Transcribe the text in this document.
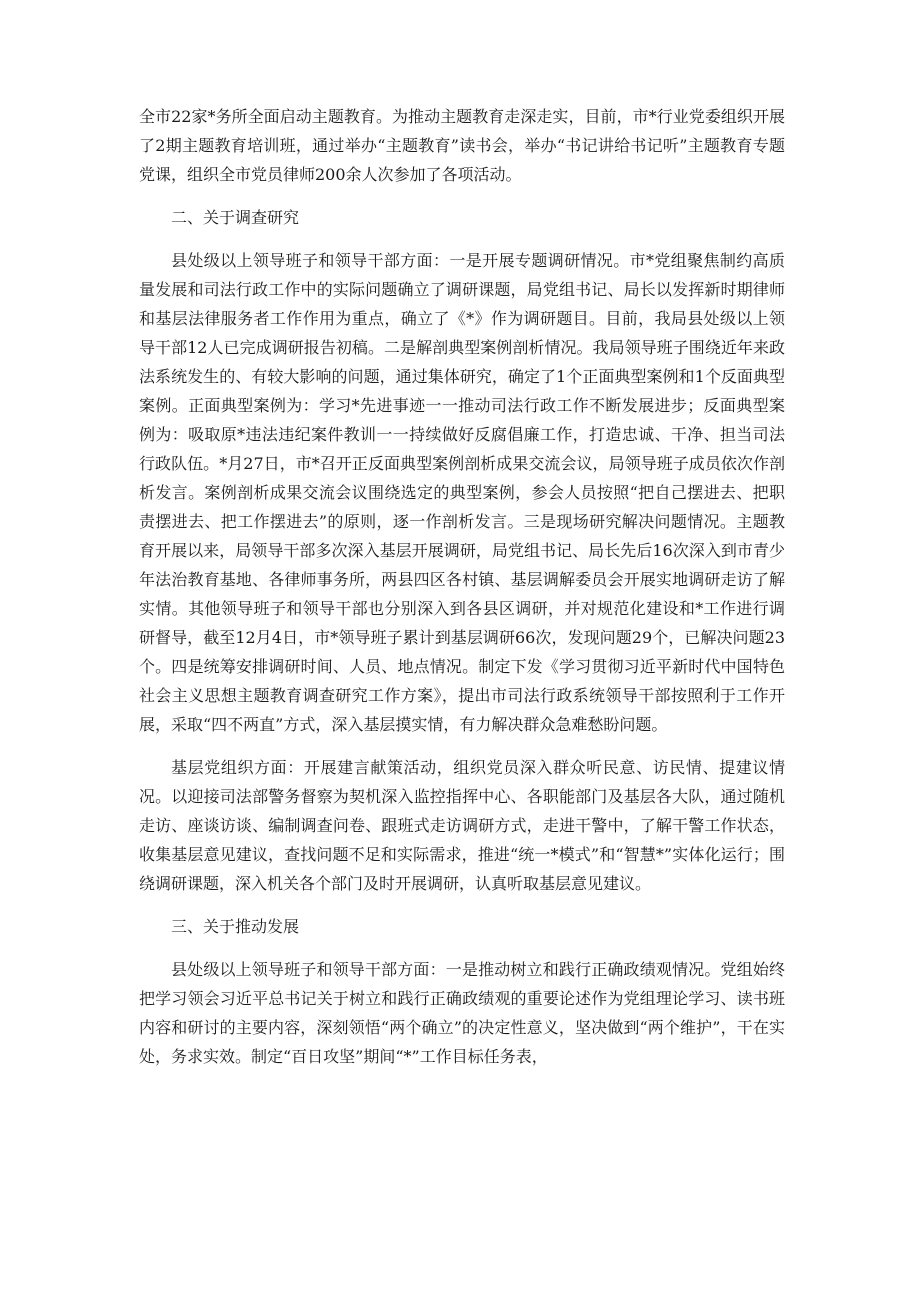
全市22家*务所全面启动主题教育。为推动主题教育走深走实，目前，市*行业党委组织开展了2期主题教育培训班，通过举办“主题教育”读书会，举办“书记讲给书记听”主题教育专题党课，组织全市党员律师200余人次参加了各项活动。

二、关于调查研究

县处级以上领导班子和领导干部方面：一是开展专题调研情况。市*党组聚焦制约高质量发展和司法行政工作中的实际问题确立了调研课题，局党组书记、局长以发挥新时期律师和基层法律服务者工作作用为重点，确立了《*》作为调研题目。目前，我局县处级以上领导干部12人已完成调研报告初稿。二是解剖典型案例剖析情况。我局领导班子围绕近年来政法系统发生的、有较大影响的问题，通过集体研究，确定了1个正面典型案例和1个反面典型案例。正面典型案例为：学习*先进事迹一一推动司法行政工作不断发展进步；反面典型案例为：吸取原*违法违纪案件教训一一持续做好反腐倡廉工作，打造忠诚、干净、担当司法行政队伍。*月27日，市*召开正反面典型案例剖析成果交流会议，局领导班子成员依次作剖析发言。案例剖析成果交流会议围绕选定的典型案例，参会人员按照“把自己摆进去、把职责摆进去、把工作摆进去”的原则，逐一作剖析发言。三是现场研究解决问题情况。主题教育开展以来，局领导干部多次深入基层开展调研，局党组书记、局长先后16次深入到市青少年法治教育基地、各律师事务所，两县四区各村镇、基层调解委员会开展实地调研走访了解实情。其他领导班子和领导干部也分别深入到各县区调研，并对规范化建设和*工作进行调研督导，截至12月4日，市*领导班子累计到基层调研66次，发现问题29个，已解决问题23个。四是统筹安排调研时间、人员、地点情况。制定下发《学习贯彻习近平新时代中国特色社会主义思想主题教育调查研究工作方案》，提出市司法行政系统领导干部按照利于工作开展，采取“四不两直”方式，深入基层摸实情，有力解决群众急难愁盼问题。

基层党组织方面：开展建言献策活动，组织党员深入群众听民意、访民情、提建议情况。以迎接司法部警务督察为契机深入监控指挥中心、各职能部门及基层各大队，通过随机走访、座谈访谈、编制调查问卷、跟班式走访调研方式，走进干警中，了解干警工作状态，收集基层意见建议，查找问题不足和实际需求，推进“统一*模式”和“智慧*”实体化运行；围绕调研课题，深入机关各个部门及时开展调研，认真听取基层意见建议。

三、关于推动发展

县处级以上领导班子和领导干部方面：一是推动树立和践行正确政绩观情况。党组始终把学习领会习近平总书记关于树立和践行正确政绩观的重要论述作为党组理论学习、读书班内容和研讨的主要内容，深刻领悟“两个确立”的决定性意义，坚决做到“两个维护”，干在实处，务求实效。制定“百日攻坚”期间“*”工作目标任务表，
